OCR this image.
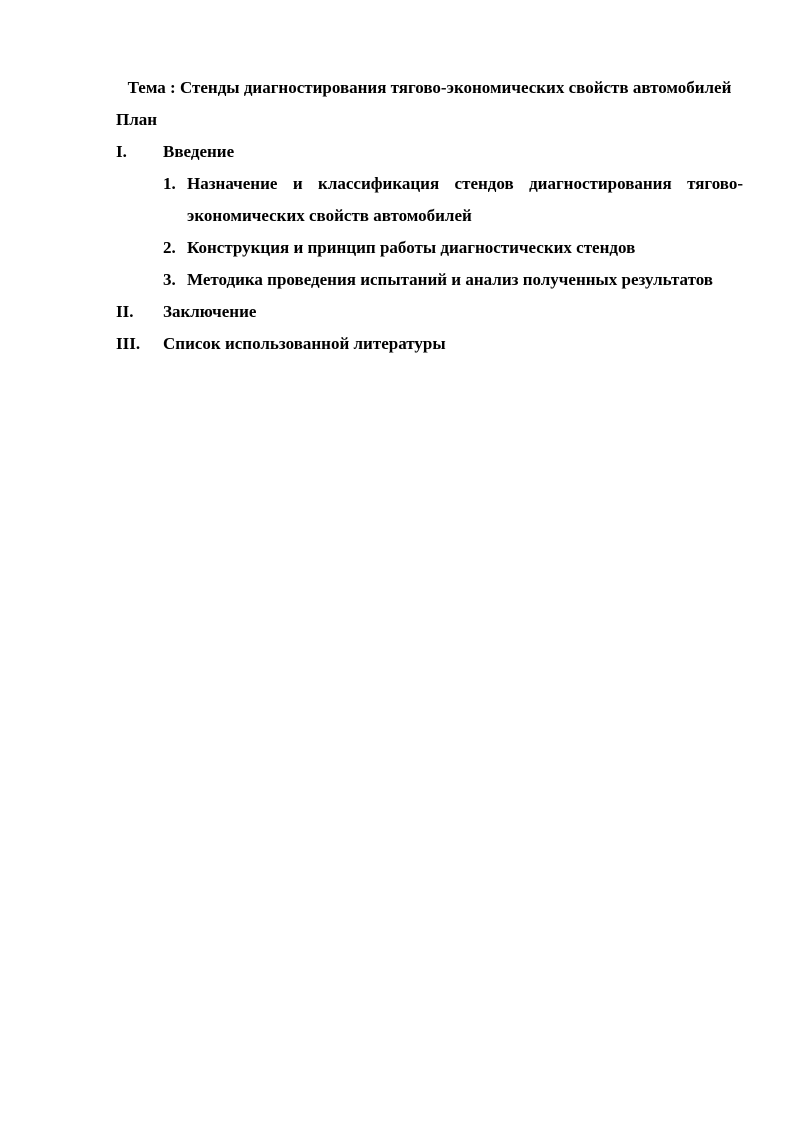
Тема : Стенды диагностирования тягово-экономических свойств автомобилей

План

I.	Введение
1. Назначение и классификация стендов диагностирования тягово-экономических свойств автомобилей
2. Конструкция и принцип работы диагностических стендов
3. Методика проведения испытаний и анализ полученных результатов
II.	Заключение
III.	Список использованной литературы
